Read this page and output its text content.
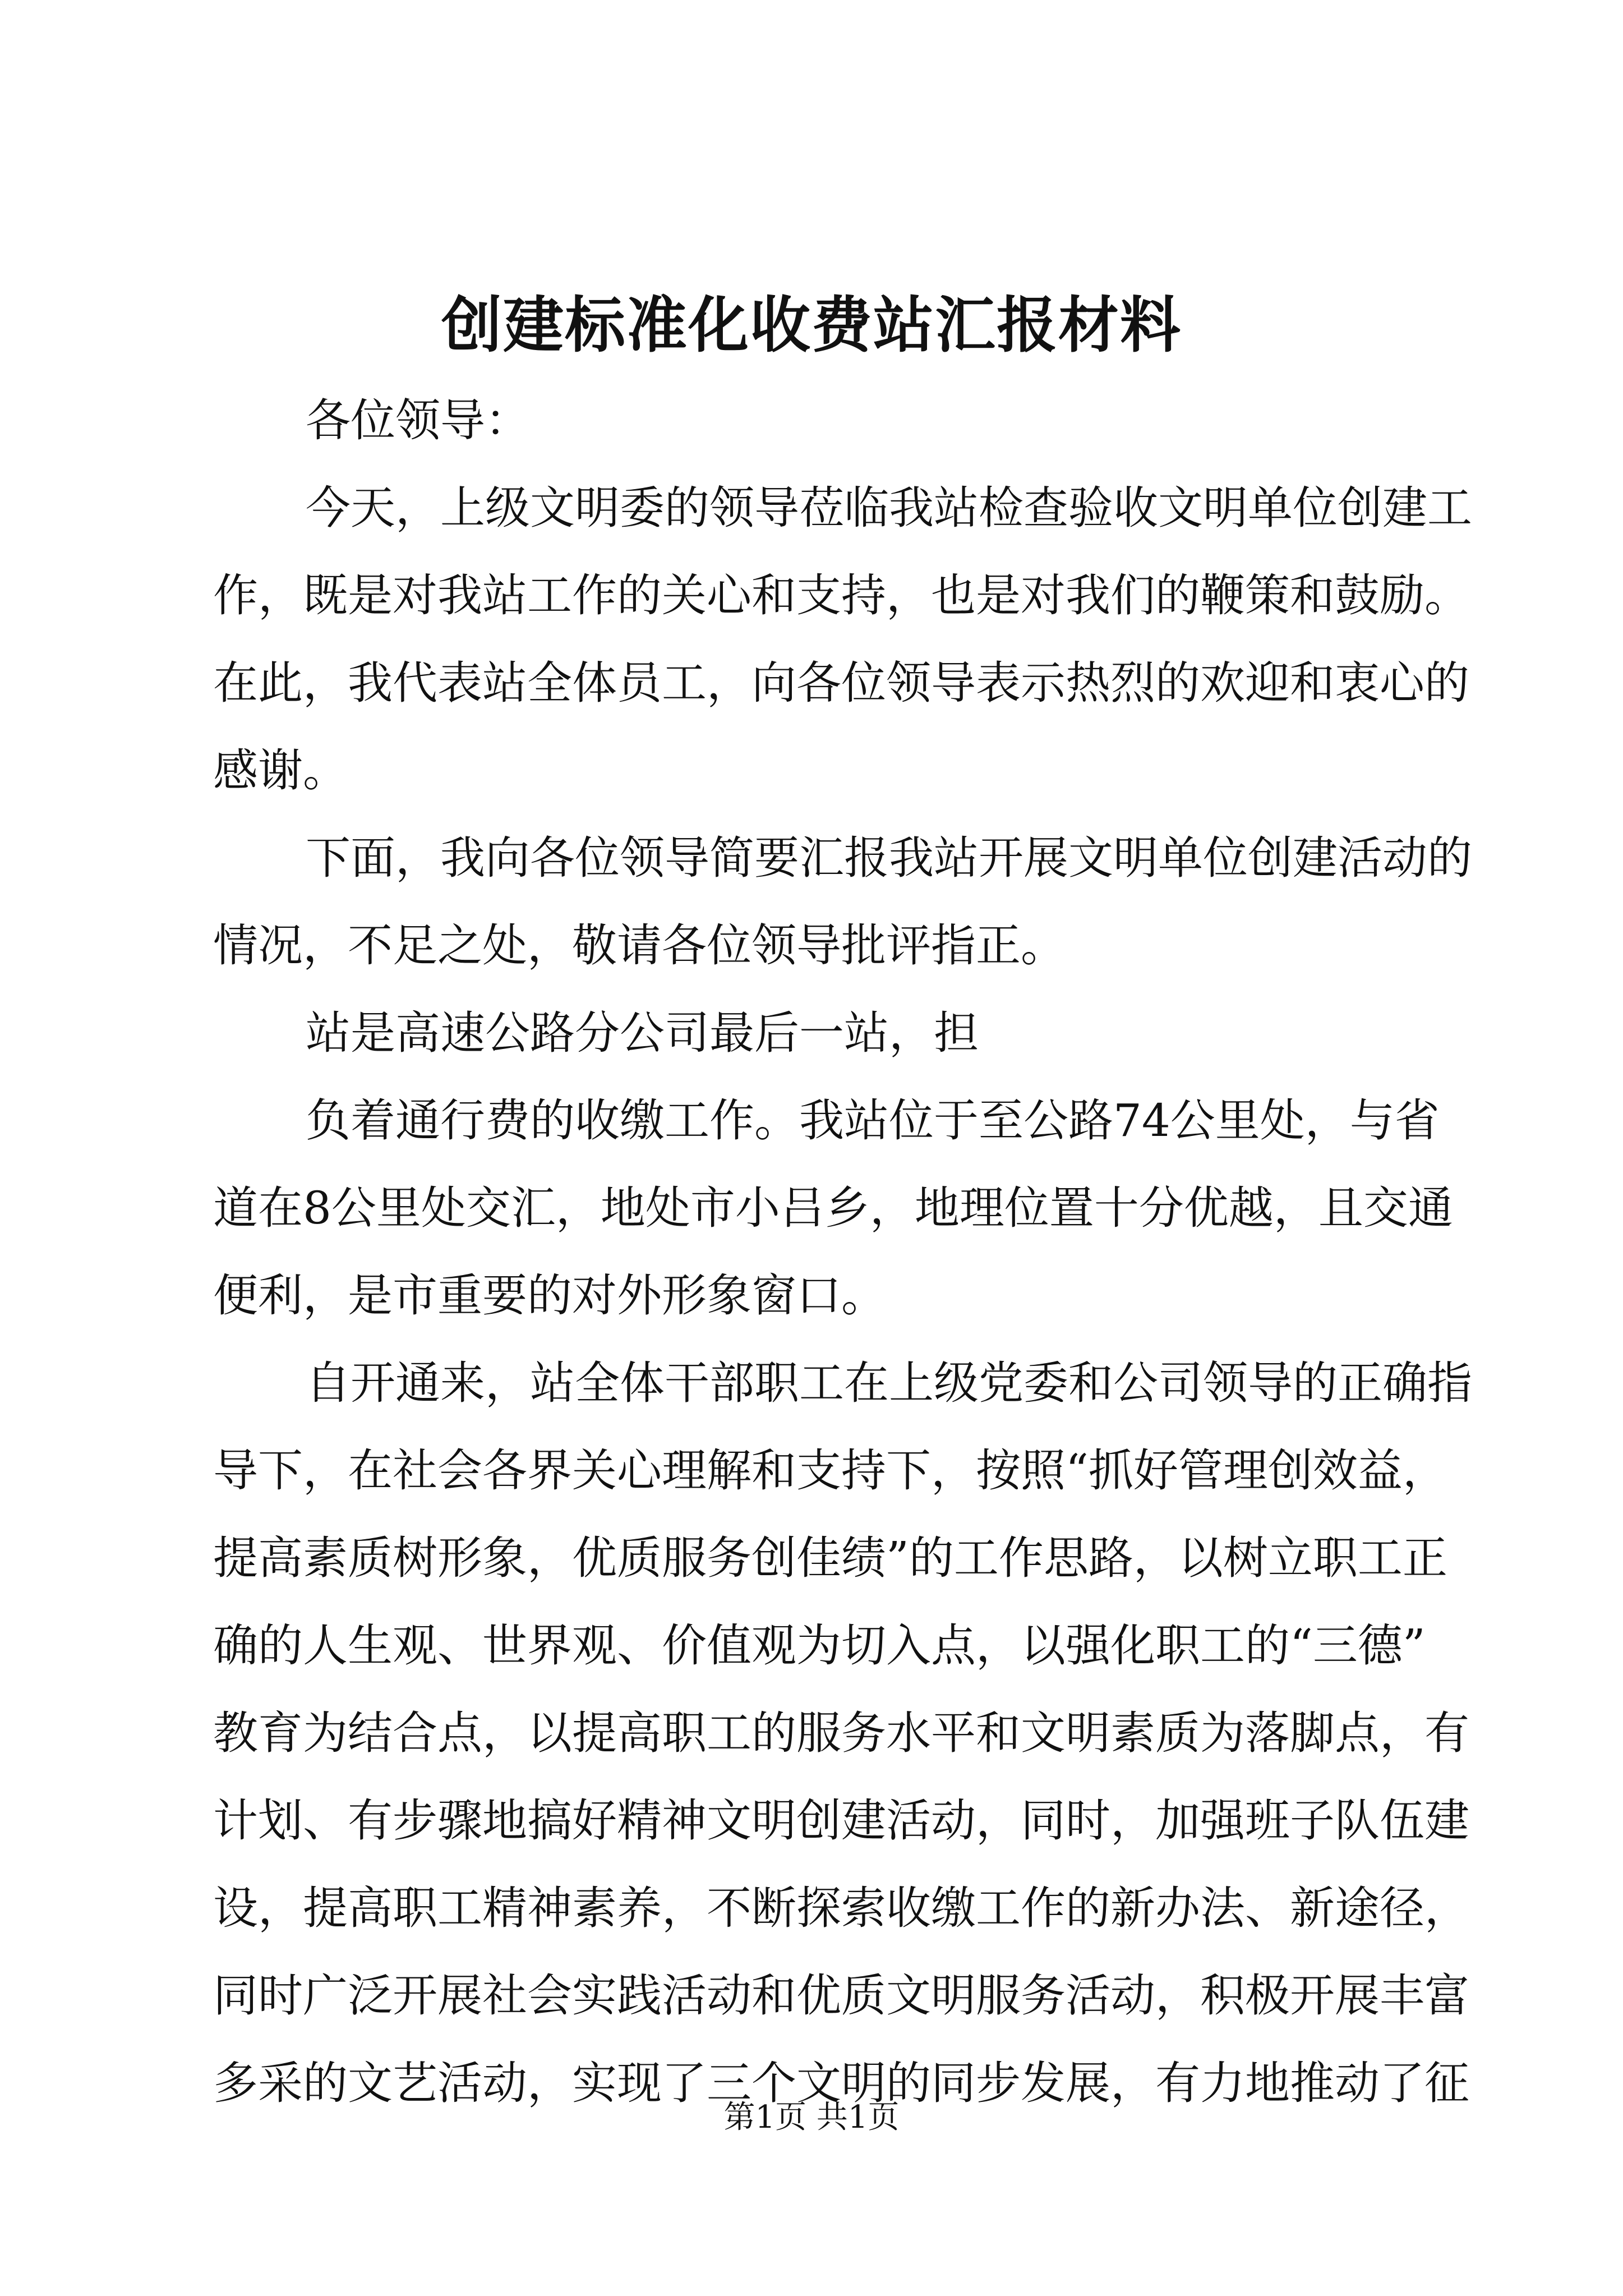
创建标准化收费站汇报材料
各位领导：
今天，上级文明委的领导莅临我站检查验收文明单位创建工
作，既是对我站工作的关心和支持，也是对我们的鞭策和鼓励。
在此，我代表站全体员工，向各位领导表示热烈的欢迎和衷心的
感谢。
下面，我向各位领导简要汇报我站开展文明单位创建活动的
情况，不足之处，敬请各位领导批评指正。
站是高速公路分公司最后一站，担
负着通行费的收缴工作。我站位于至公路74公里处，与省
道在8公里处交汇，地处市小吕乡，地理位置十分优越，且交通
便利，是市重要的对外形象窗口。
自开通来，站全体干部职工在上级党委和公司领导的正确指
导下，在社会各界关心理解和支持下，按照“抓好管理创效益，
提高素质树形象，优质服务创佳绩”的工作思路，以树立职工正
确的人生观、世界观、价值观为切入点，以强化职工的“三德”
教育为结合点，以提高职工的服务水平和文明素质为落脚点，有
计划、有步骤地搞好精神文明创建活动，同时，加强班子队伍建
设，提高职工精神素养，不断探索收缴工作的新办法、新途径，
同时广泛开展社会实践活动和优质文明服务活动，积极开展丰富
多采的文艺活动，实现了三个文明的同步发展，有力地推动了征
第1页 共1页
